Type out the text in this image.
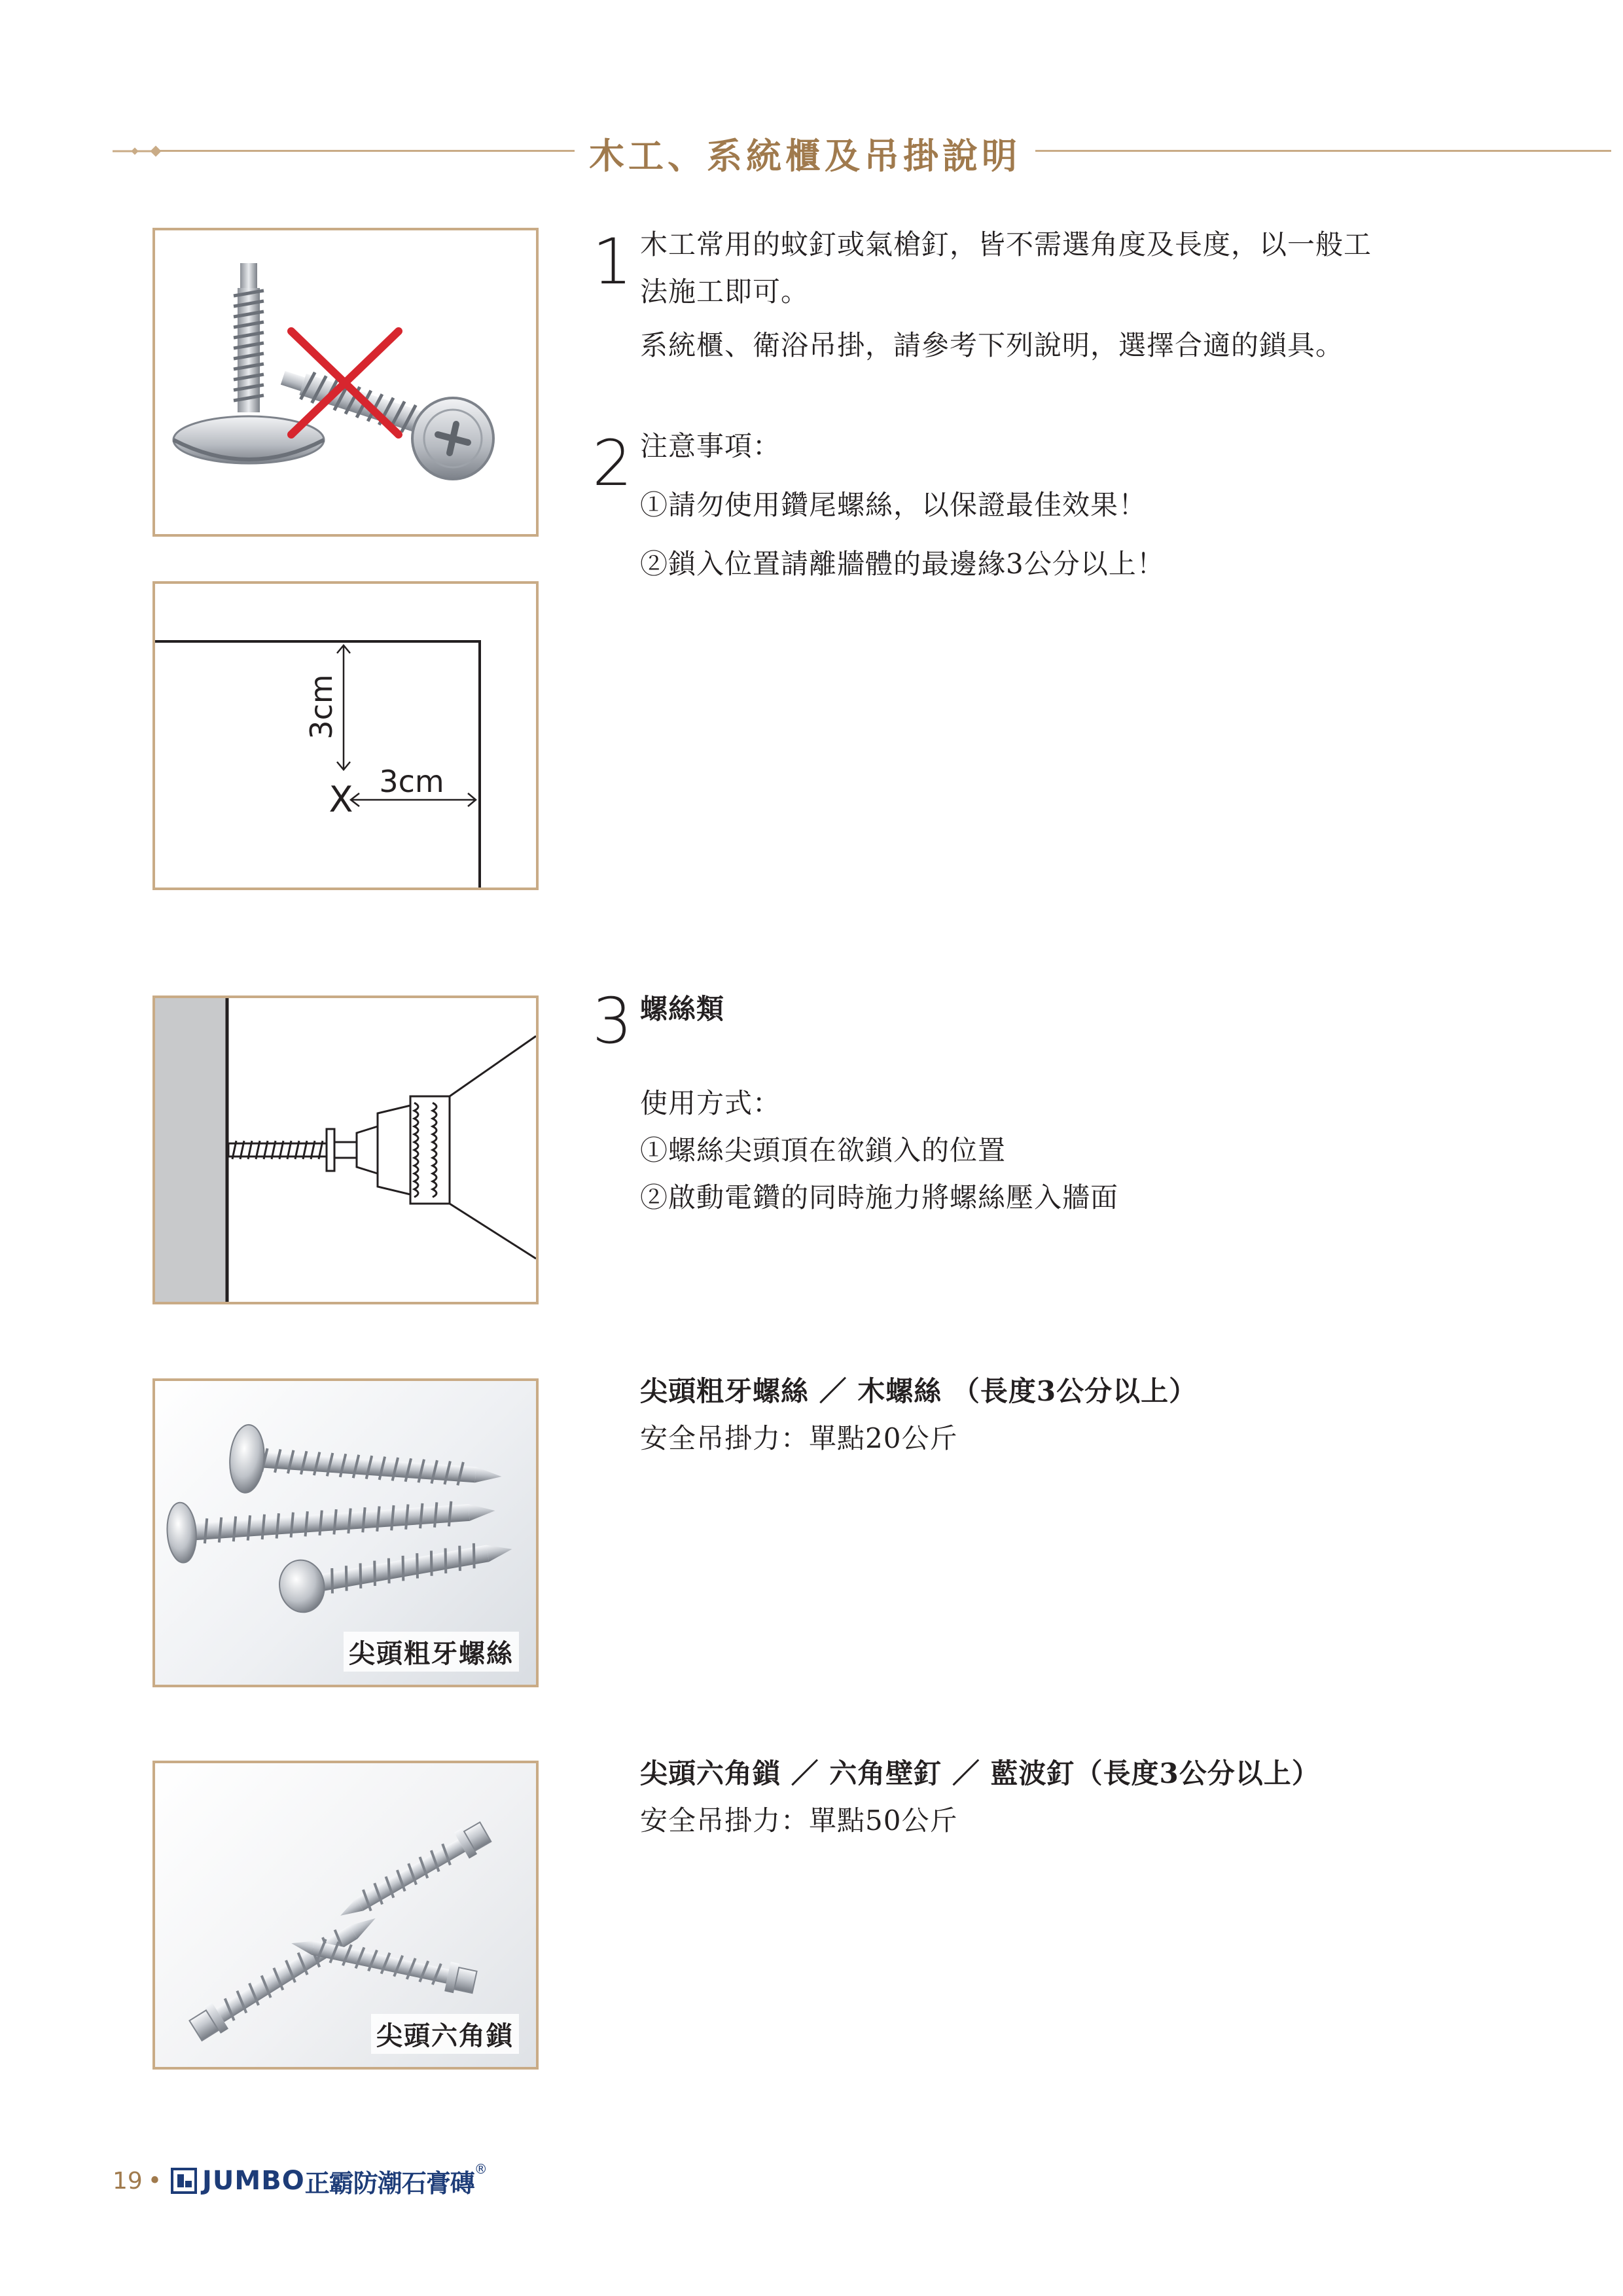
木工、系統櫃及吊掛說明
3cm
3cm
X
尖頭粗牙螺絲
尖頭六角鎖
1 木工常用的蚊釘或氣槍釘，皆不需選角度及長度，以一般工

法施工即可。

系統櫃、衛浴吊掛，請參考下列說明，選擇合適的鎖具。

2 注意事項：

①請勿使用鑽尾螺絲，以保證最佳效果！

②鎖入位置請離牆體的最邊緣3公分以上！

3 螺絲類

使用方式：

①螺絲尖頭頂在欲鎖入的位置

②啟動電鑽的同時施力將螺絲壓入牆面

尖頭粗牙螺絲 ／ 木螺絲 （長度3公分以上）

安全吊掛力：單點20公斤

尖頭六角鎖 ／ 六角壁釘 ／ 藍波釘（長度3公分以上）

安全吊掛力：單點50公斤

19 • JUMBO 正霸防潮石膏磚 ®
